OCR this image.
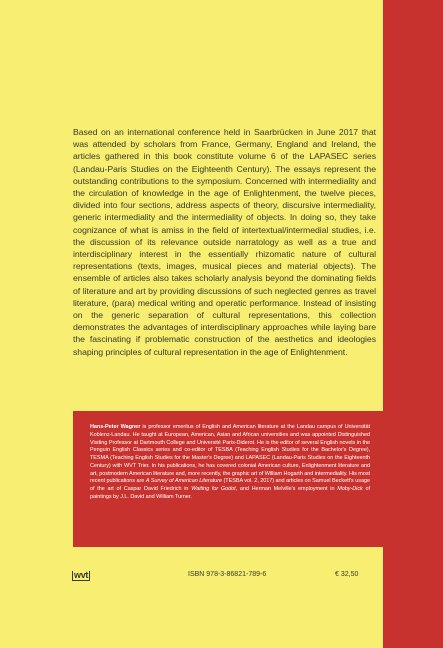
Based on an international conference held in Saarbrücken in June 2017 that was attended by scholars from France, Germany, England and Ireland, the articles gathered in this book constitute volume 6 of the LAPASEC series (Landau-Paris Studies on the Eighteenth Century). The essays represent the outstanding contributions to the symposium. Concerned with intermediality and the circulation of knowledge in the age of Enlightenment, the twelve pieces, divided into four sections, address aspects of theory, discursive intermediality, generic intermediality and the intermediality of objects. In doing so, they take cognizance of what is amiss in the field of intertextual/intermedial studies, i.e. the discussion of its relevance outside narratology as well as a true and interdisciplinary interest in the essentially rhizomatic nature of cultural representations (texts, images, musical pieces and material objects). The ensemble of articles also takes scholarly analysis beyond the dominating fields of literature and art by providing discussions of such neglected genres as travel literature, (para) medical writing and operatic performance. Instead of insisting on the generic separation of cultural representations, this collection demonstrates the advantages of interdisciplinary approaches while laying bare the fascinating if problematic construction of the aesthetics and ideologies shaping principles of cultural representation in the age of Enlightenment.

Hans-Peter Wagner is professor emeritus of English and American literature at the Landau campus of Universität Koblenz-Landau. He taught at European, American, Asian and African universities and was appointed Distinguished Visiting Professor at Dartmouth College and Université Paris-Diderot. He is the editor of several English novels in the Penguin English Classics series and co-editor of TESBA (Teaching English Studies for the Bachelor's Degree), TESMA (Teaching English Studies for the Master's Degree) and LAPASEC (Landau-Paris Studies on the Eighteenth Century) with WVT Trier. In his publications, he has covered colonial American culture, Enlightenment literature and art, postmodern American literature and, more recently, the graphic art of William Hogarth and intermediality. His most recent publications are A Survey of American Literature (TESBA vol. 2, 2017) and articles on Samuel Beckett's usage of the art of Caspar David Friedrich in Waiting for Godot, and Herman Melville's employment in Moby-Dick of paintings by J.L. David and William Turner.

wvt	ISBN 978-3-86821-789-6	€ 32,50
